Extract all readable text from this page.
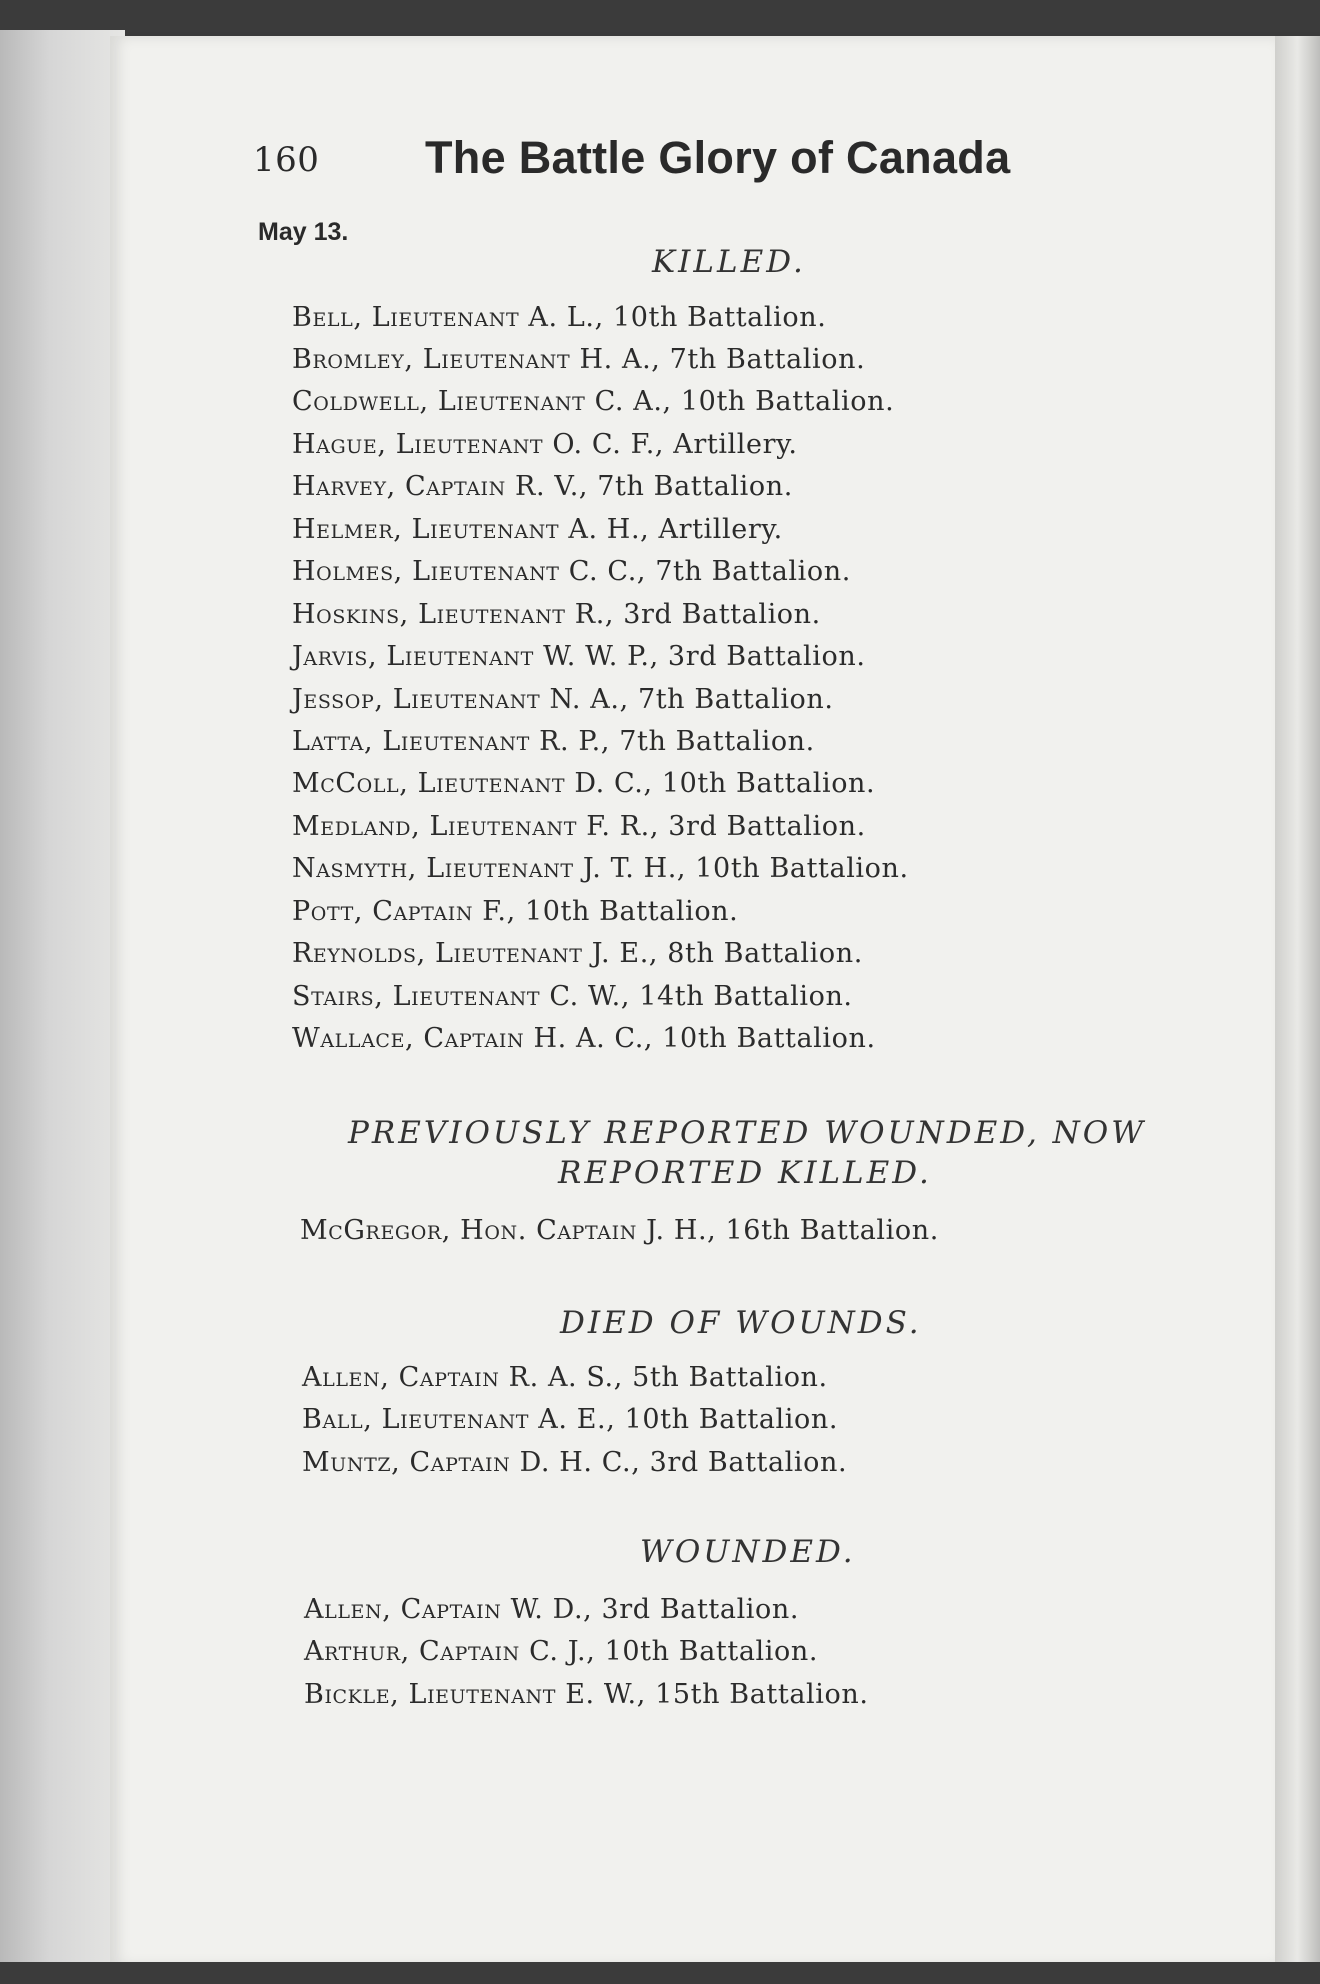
160 The Battle Glory of Canada
May 13.
KILLED.
Bell, Lieutenant A. L., 10th Battalion.
Bromley, Lieutenant H. A., 7th Battalion.
Coldwell, Lieutenant C. A., 10th Battalion.
Hague, Lieutenant O. C. F., Artillery.
Harvey, Captain R. V., 7th Battalion.
Helmer, Lieutenant A. H., Artillery.
Holmes, Lieutenant C. C., 7th Battalion.
Hoskins, Lieutenant R., 3rd Battalion.
Jarvis, Lieutenant W. W. P., 3rd Battalion.
Jessop, Lieutenant N. A., 7th Battalion.
Latta, Lieutenant R. P., 7th Battalion.
McColl, Lieutenant D. C., 10th Battalion.
Medland, Lieutenant F. R., 3rd Battalion.
Nasmyth, Lieutenant J. T. H., 10th Battalion.
Pott, Captain F., 10th Battalion.
Reynolds, Lieutenant J. E., 8th Battalion.
Stairs, Lieutenant C. W., 14th Battalion.
Wallace, Captain H. A. C., 10th Battalion.
PREVIOUSLY REPORTED WOUNDED, NOW
REPORTED KILLED.
McGregor, Hon. Captain J. H., 16th Battalion.
DIED OF WOUNDS.
Allen, Captain R. A. S., 5th Battalion.
Ball, Lieutenant A. E., 10th Battalion.
Muntz, Captain D. H. C., 3rd Battalion.
WOUNDED.
Allen, Captain W. D., 3rd Battalion.
Arthur, Captain C. J., 10th Battalion.
Bickle, Lieutenant E. W., 15th Battalion.
